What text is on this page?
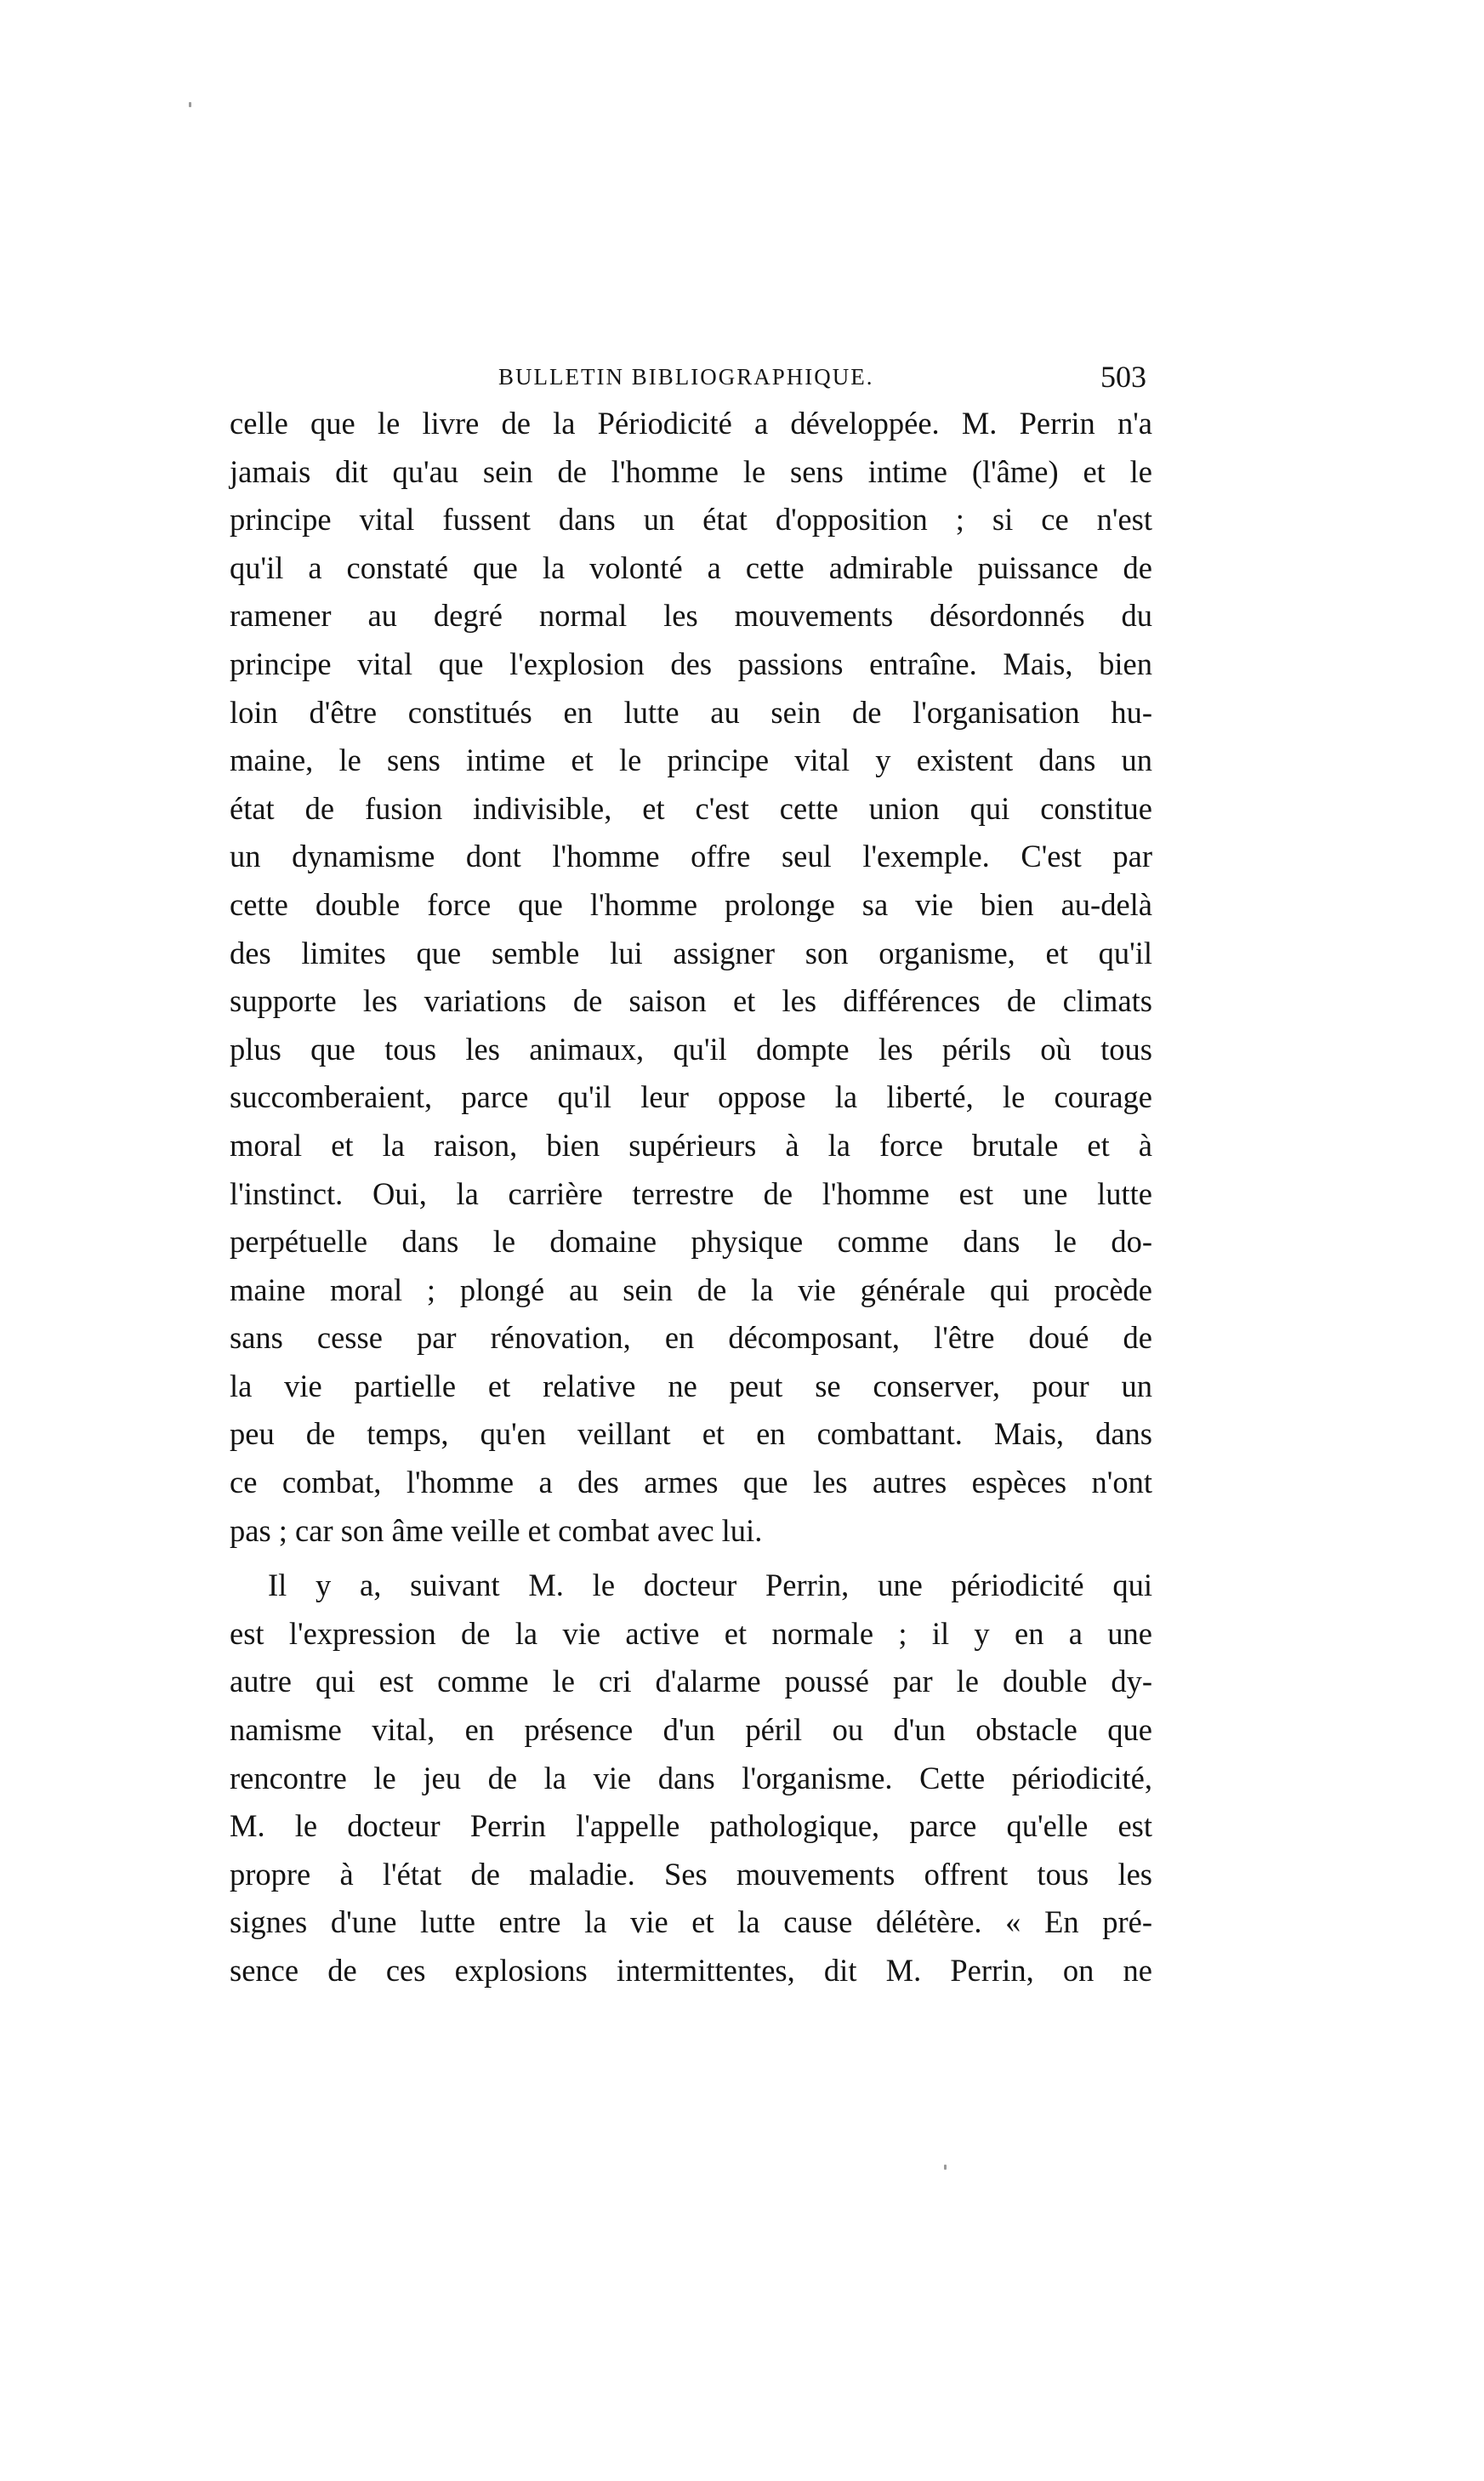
BULLETIN BIBLIOGRAPHIQUE.	503
celle que le livre de la Périodicité a développée. M. Perrin n'a
jamais dit qu'au sein de l'homme le sens intime (l'âme) et le
principe vital fussent dans un état d'opposition ; si ce n'est
qu'il a constaté que la volonté a cette admirable puissance de
ramener au degré normal les mouvements désordonnés du
principe vital que l'explosion des passions entraîne. Mais, bien
loin d'être constitués en lutte au sein de l'organisation hu-
maine, le sens intime et le principe vital y existent dans un
état de fusion indivisible, et c'est cette union qui constitue
un dynamisme dont l'homme offre seul l'exemple. C'est par
cette double force que l'homme prolonge sa vie bien au-delà
des limites que semble lui assigner son organisme, et qu'il
supporte les variations de saison et les différences de climats
plus que tous les animaux, qu'il dompte les périls où tous
succomberaient, parce qu'il leur oppose la liberté, le courage
moral et la raison, bien supérieurs à la force brutale et à
l'instinct. Oui, la carrière terrestre de l'homme est une lutte
perpétuelle dans le domaine physique comme dans le do-
maine moral ; plongé au sein de la vie générale qui procède
sans cesse par rénovation, en décomposant, l'être doué de
la vie partielle et relative ne peut se conserver, pour un
peu de temps, qu'en veillant et en combattant. Mais, dans
ce combat, l'homme a des armes que les autres espèces n'ont
pas ; car son âme veille et combat avec lui.
Il y a, suivant M. le docteur Perrin, une périodicité qui
est l'expression de la vie active et normale ; il y en a une
autre qui est comme le cri d'alarme poussé par le double dy-
namisme vital, en présence d'un péril ou d'un obstacle que
rencontre le jeu de la vie dans l'organisme. Cette périodicité,
M. le docteur Perrin l'appelle pathologique, parce qu'elle est
propre à l'état de maladie. Ses mouvements offrent tous les
signes d'une lutte entre la vie et la cause délétère. « En pré-
sence de ces explosions intermittentes, dit M. Perrin, on ne
